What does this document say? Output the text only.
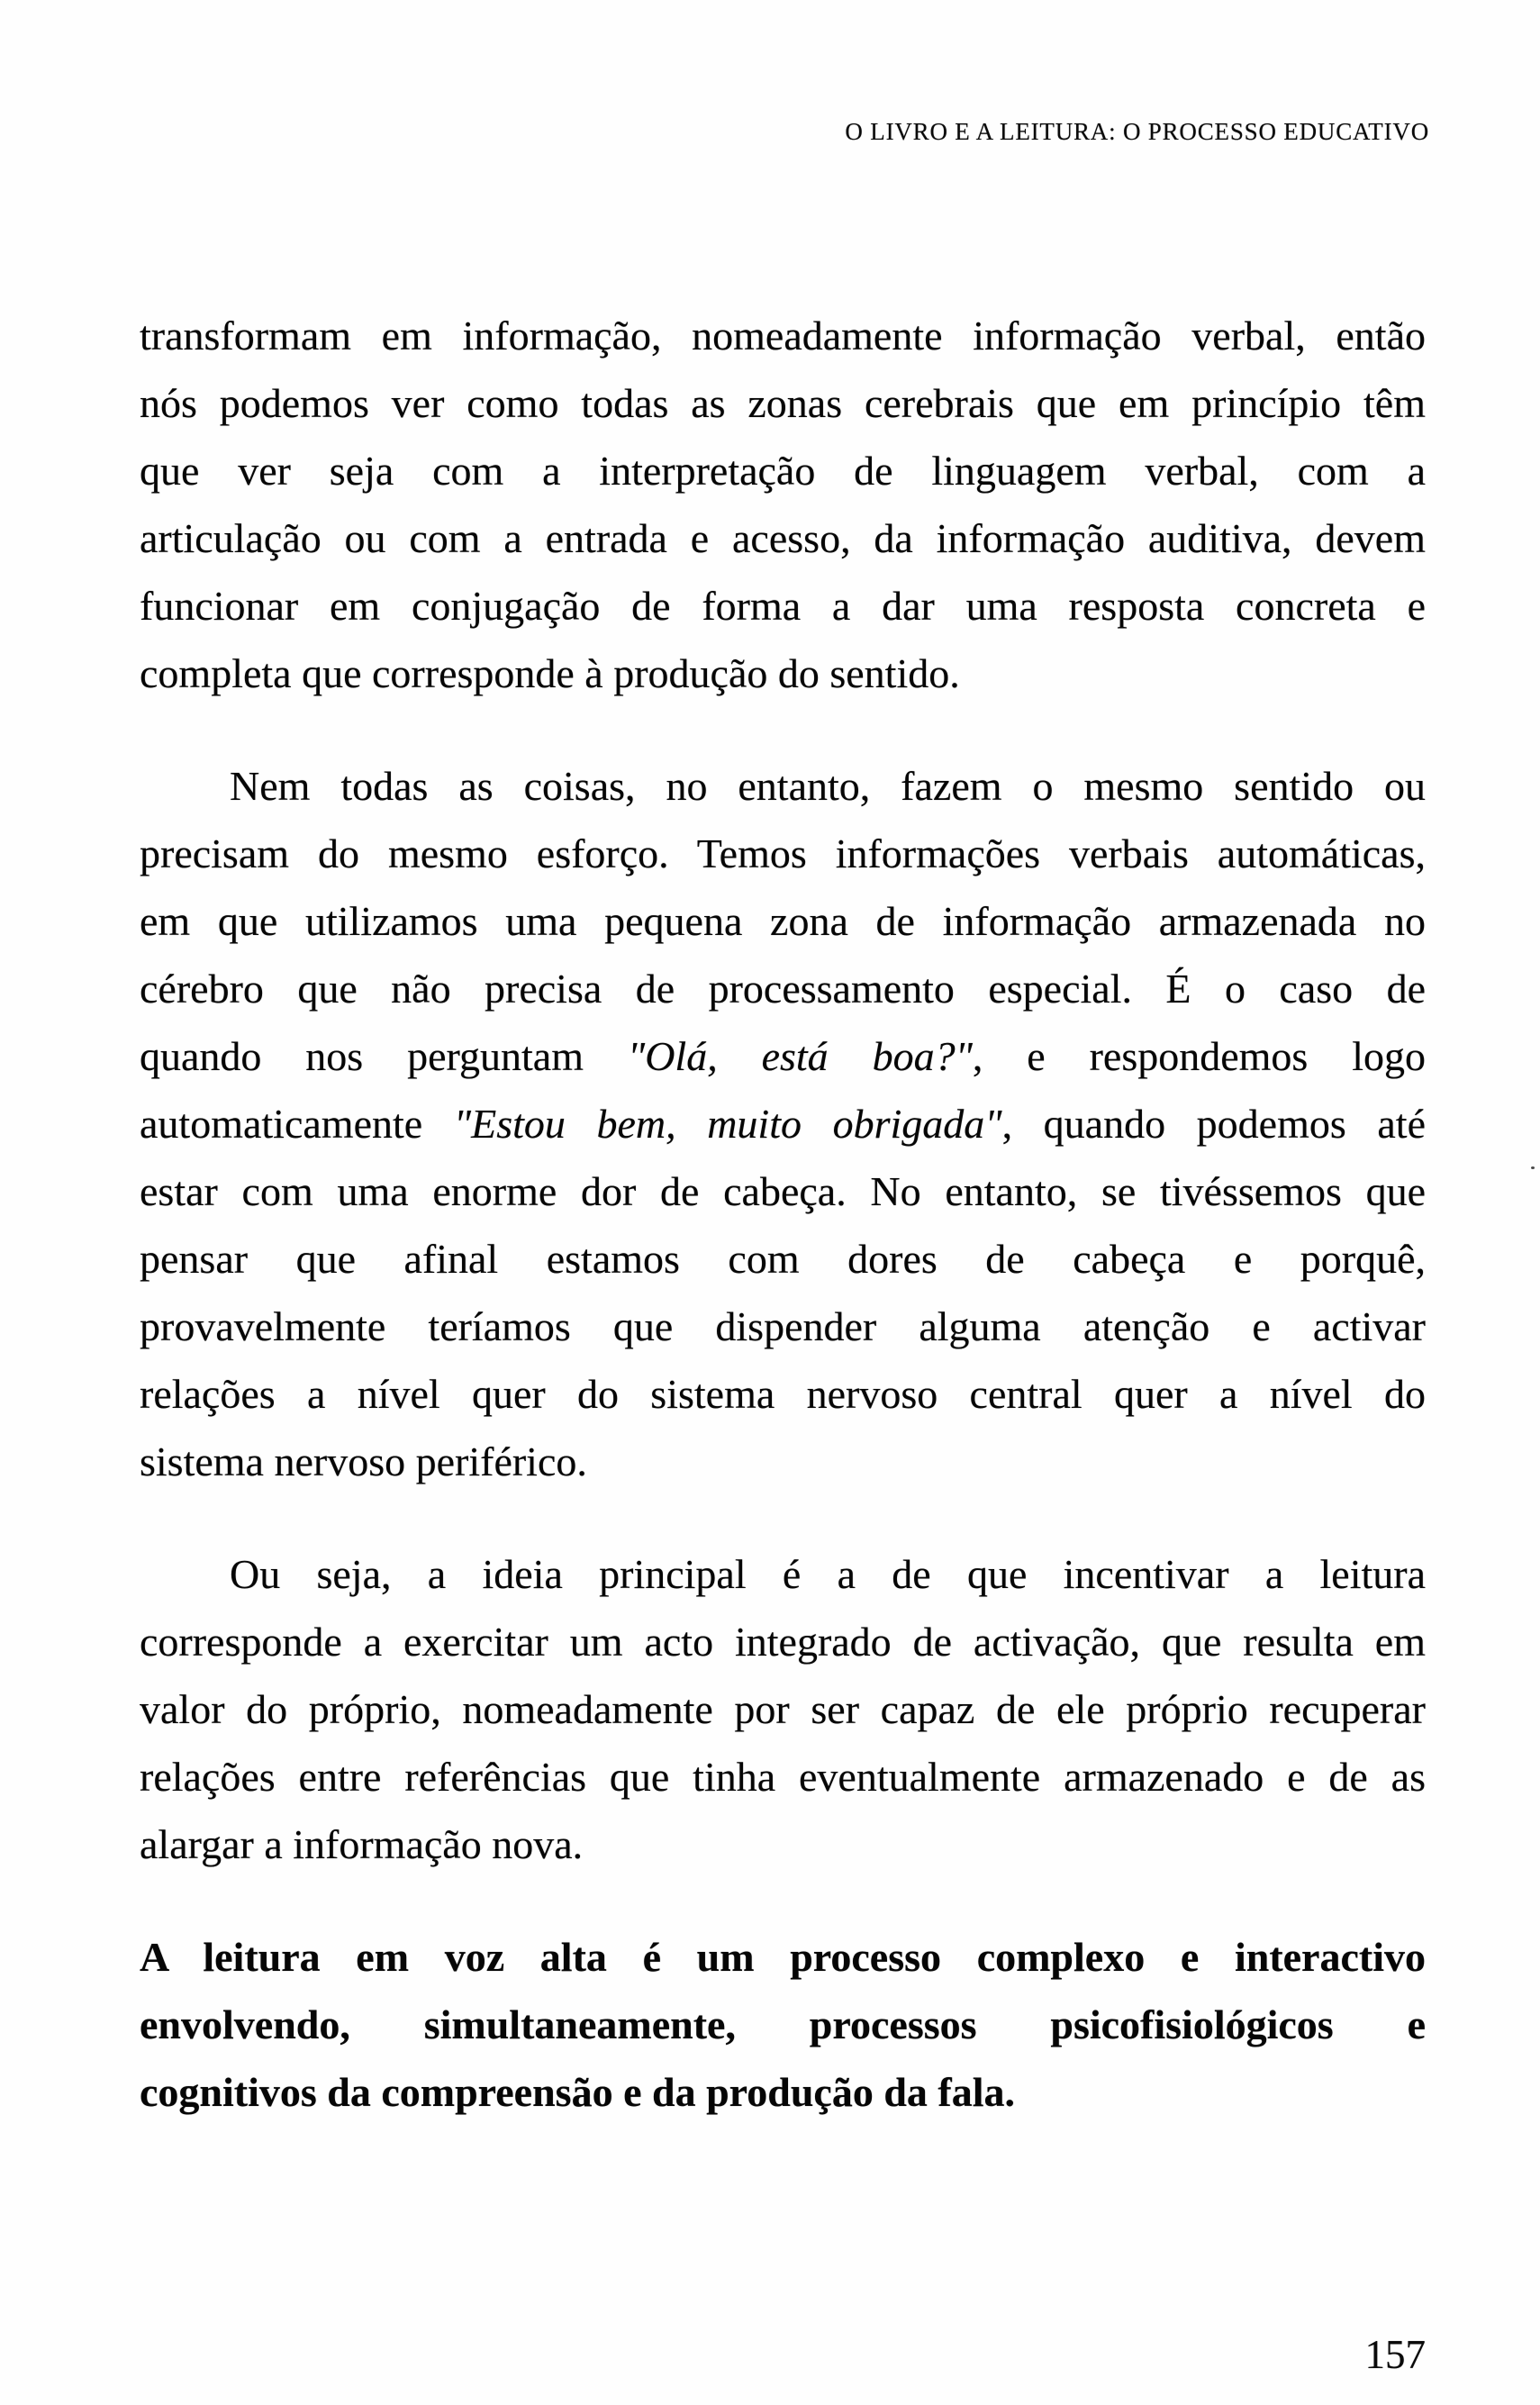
O LIVRO E A LEITURA: O PROCESSO EDUCATIVO
transformam em informação, nomeadamente informação verbal, então
nós podemos ver como todas as zonas cerebrais que em princípio têm
que ver seja com a interpretação de linguagem verbal, com a
articulação ou com a entrada e acesso, da informação auditiva, devem
funcionar em conjugação de forma a dar uma resposta concreta e
completa que corresponde à produção do sentido.
Nem todas as coisas, no entanto, fazem o mesmo sentido ou
precisam do mesmo esforço. Temos informações verbais automáticas,
em que utilizamos uma pequena zona de informação armazenada no
cérebro que não precisa de processamento especial. É o caso de
quando nos perguntam "Olá, está boa?", e respondemos logo
automaticamente "Estou bem, muito obrigada", quando podemos até
estar com uma enorme dor de cabeça. No entanto, se tivéssemos que
pensar que afinal estamos com dores de cabeça e porquê,
provavelmente teríamos que dispender alguma atenção e activar
relações a nível quer do sistema nervoso central quer a nível do
sistema nervoso periférico.
Ou seja, a ideia principal é a de que incentivar a leitura
corresponde a exercitar um acto integrado de activação, que resulta em
valor do próprio, nomeadamente por ser capaz de ele próprio recuperar
relações entre referências que tinha eventualmente armazenado e de as
alargar a informação nova.
A leitura em voz alta é um processo complexo e interactivo
envolvendo, simultaneamente, processos psicofisiológicos e
cognitivos da compreensão e da produção da fala.
157
